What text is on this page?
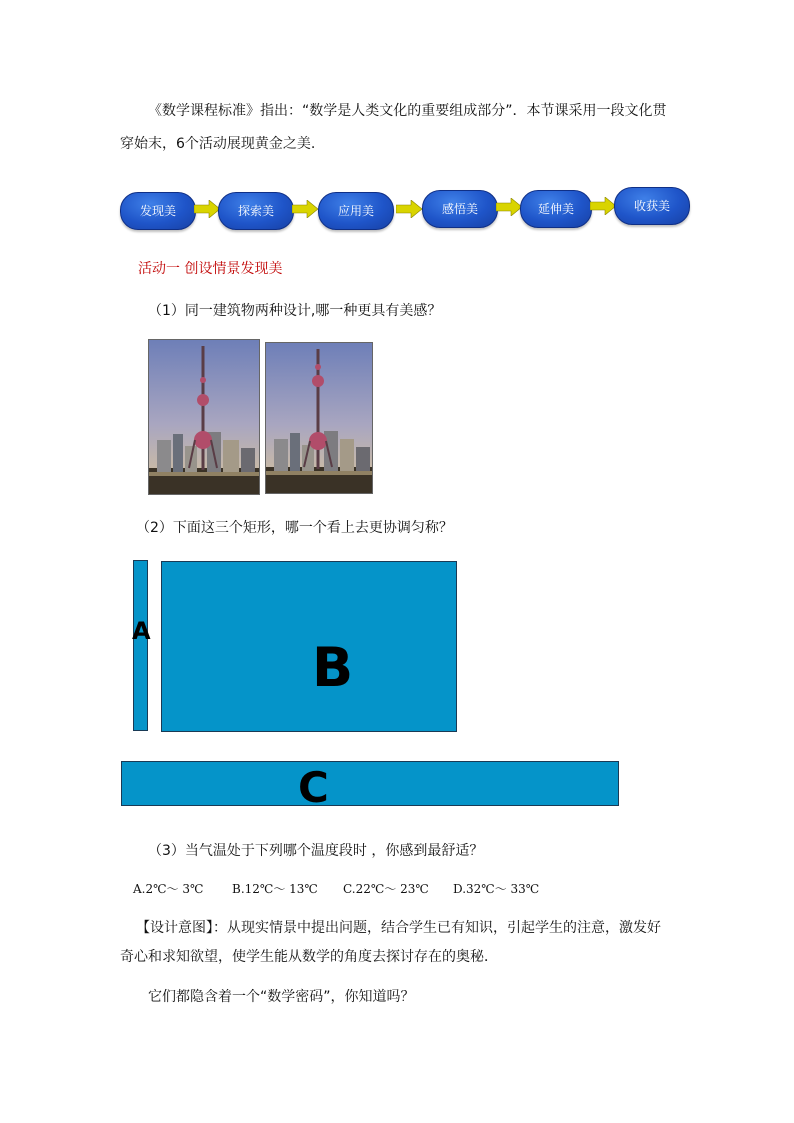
《数学课程标准》指出：“数学是人类文化的重要组成部分”．本节课采用一段文化贯
穿始末，6个活动展现黄金之美.
发现美	探索美	应用美	感悟美	延伸美	收获美
活动一 创设情景发现美
（1）同一建筑物两种设计,哪一种更具有美感？
（2）下面这三个矩形，哪一个看上去更协调匀称？
A
B
C
（3）当气温处于下列哪个温度段时 ，你感到最舒适？
A.2℃～ 3℃ B.12℃～ 13℃ C.22℃～ 23℃ D.32℃～ 33℃
【设计意图】：从现实情景中提出问题，结合学生已有知识，引起学生的注意，激发好
奇心和求知欲望，使学生能从数学的角度去探讨存在的奥秘．
它们都隐含着一个“数学密码”，你知道吗？
